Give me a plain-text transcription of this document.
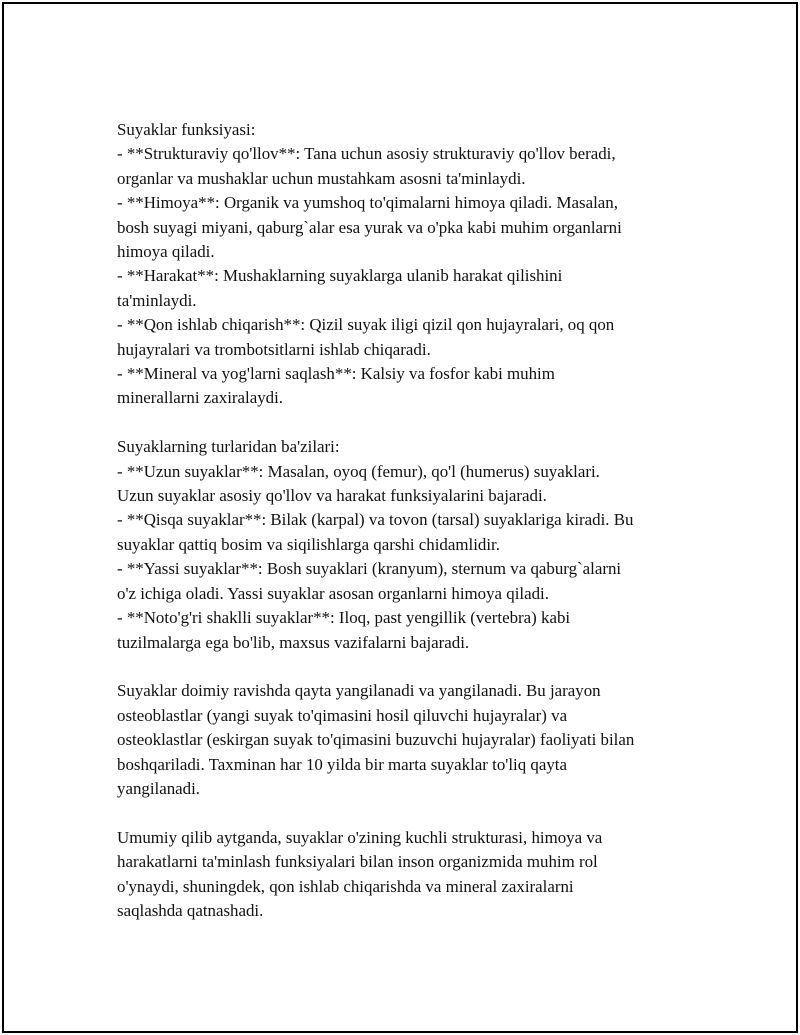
Suyaklar funksiyasi:
- **Strukturaviy qo'llov**: Tana uchun asosiy strukturaviy qo'llov beradi,
organlar va mushaklar uchun mustahkam asosni ta'minlaydi.
- **Himoya**: Organik va yumshoq to'qimalarni himoya qiladi. Masalan,
bosh suyagi miyani, qaburg`alar esa yurak va o'pka kabi muhim organlarni
himoya qiladi.
- **Harakat**: Mushaklarning suyaklarga ulanib harakat qilishini
ta'minlaydi.
- **Qon ishlab chiqarish**: Qizil suyak iligi qizil qon hujayralari, oq qon
hujayralari va trombotsitlarni ishlab chiqaradi.
- **Mineral va yog'larni saqlash**: Kalsiy va fosfor kabi muhim
minerallarni zaxiralaydi.
Suyaklarning turlaridan ba'zilari:
- **Uzun suyaklar**: Masalan, oyoq (femur), qo'l (humerus) suyaklari.
Uzun suyaklar asosiy qo'llov va harakat funksiyalarini bajaradi.
- **Qisqa suyaklar**: Bilak (karpal) va tovon (tarsal) suyaklariga kiradi. Bu
suyaklar qattiq bosim va siqilishlarga qarshi chidamlidir.
- **Yassi suyaklar**: Bosh suyaklari (kranyum), sternum va qaburg`alarni
o'z ichiga oladi. Yassi suyaklar asosan organlarni himoya qiladi.
- **Noto'g'ri shaklli suyaklar**: Iloq, past yengillik (vertebra) kabi
tuzilmalarga ega bo'lib, maxsus vazifalarni bajaradi.
Suyaklar doimiy ravishda qayta yangilanadi va yangilanadi. Bu jarayon
osteoblastlar (yangi suyak to'qimasini hosil qiluvchi hujayralar) va
osteoklastlar (eskirgan suyak to'qimasini buzuvchi hujayralar) faoliyati bilan
boshqariladi. Taxminan har 10 yilda bir marta suyaklar to'liq qayta
yangilanadi.
Umumiy qilib aytganda, suyaklar o'zining kuchli strukturasi, himoya va
harakatlarni ta'minlash funksiyalari bilan inson organizmida muhim rol
o'ynaydi, shuningdek, qon ishlab chiqarishda va mineral zaxiralarni
saqlashda qatnashadi.
